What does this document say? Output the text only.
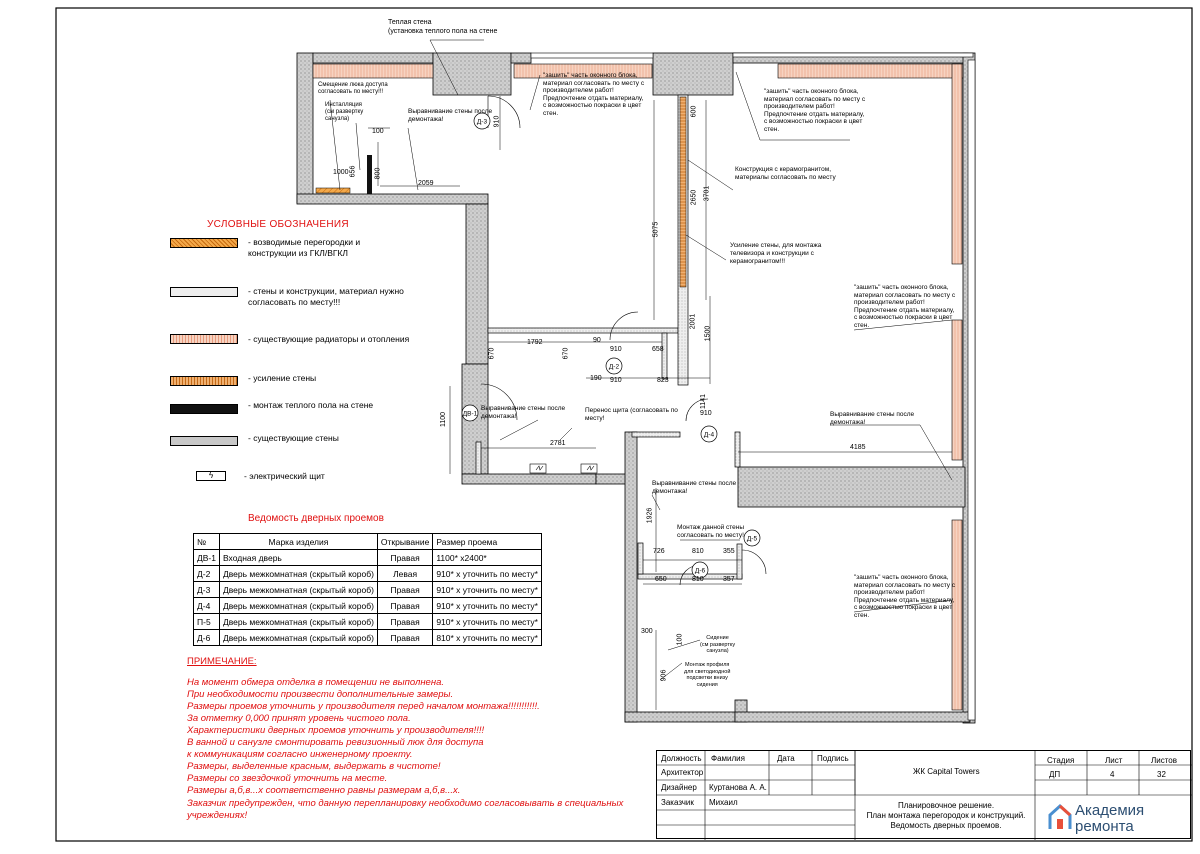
Д-3
Д-2
ДВ-1
Д-4
Д-5
Д-6
Теплая стена
(установка теплого пола на стене
Смещение люка доступа
согласовать по месту!!!
Инсталляция
(см развертку
санузла)
Выравнивание стены после
демонтажа!
"зашить" часть оконного блока,
материал согласовать по месту с
производителем работ!
Предпочтение отдать материалу,
с возможностью покраски в цвет
стен.
"зашить" часть оконного блока,
материал согласовать по месту с
производителем работ!
Предпочтение отдать материалу,
с возможностью покраски в цвет
стен.
Конструкция с керамогранитом,
материалы согласовать по месту
Усиление стены, для монтажа
телевизора и конструкции с
керамогранитом!!!
"зашить" часть оконного блока,
материал согласовать по месту с
производителем работ!
Предпочтение отдать материалу,
с возможностью покраски в цвет
стен.
Выравнивание стены после
демонтажа!
Перенос щита (согласовать по
месту!
Выравнивание стены после
демонтажа!
Выравнивание стены после
демонтажа!
Монтаж данной стены
согласовать по месту!
"зашить" часть оконного блока,
материал согласовать по месту с
производителем работ!
Предпочтение отдать материалу,
с возможностью покраски в цвет
стен.
Сидение
(см развертку
санузла)
Монтаж профиля
для светодиодной
подсветки внизу
сидения
910
100
2059
1000 656	800
600
3701
2650
5075
2001
1500
1792
670	670
90
910	658
190 910	823
1141
910
1100
2781
4185
1926
726	810	355
650	810	357
300
100
906
УСЛОВНЫЕ ОБОЗНАЧЕНИЯ
- возводимые перегородки и
конструкции из ГКЛ/ВГКЛ
- стены и конструкции, материал нужно
согласовать по месту!!!
- существующие радиаторы и отопления
- усиление стены
- монтаж теплого пола на стене
- существующие стены
ϟ	- электрический щит
Ведомость дверных проемов
№	Марка изделия	Открывание	Размер проема
ДВ-1	Входная дверь	Правая	1100* х2400*
Д-2	Дверь межкомнатная (скрытый короб)	Левая	910* х уточнить по месту*
Д-3	Дверь межкомнатная (скрытый короб)	Правая	910* х уточнить по месту*
Д-4	Дверь межкомнатная (скрытый короб)	Правая	910* х уточнить по месту*
П-5	Дверь межкомнатная (скрытый короб)	Правая	910* х уточнить по месту*
Д-6	Дверь межкомнатная (скрытый короб)	Правая	810* х уточнить по месту*
ПРИМЕЧАНИЕ:
На момент обмера отделка в помещении не выполнена.
При необходимости произвести дополнительные замеры.
Размеры проемов уточнить у производителя перед началом монтажа!!!!!!!!!!!.
За отметку 0,000 принят уровень чистого пола.
Характеристики дверных проемов уточнить у производителя!!!!
В ванной и санузле смонтировать ревизионный люк для доступа
к коммуникациям согласно инженерному проекту.
Размеры, выделенные красным, выдержать в чистоте!
Размеры со звездочкой уточнить на месте.
Размеры а,б,в...х соответственно равны размерам а,б,в...х.
Заказчик предупрежден, что данную перепланировку необходимо согласовывать в специальных учреждениях!
Должность Фамилия	Дата	Подпись
Архитектор
Дизайнер Куртанова А. А.
Заказчик Михаил
ЖК Capital Towers
Стадия	Лист	Листов
ДП	4	32
Планировочное решение.
План монтажа перегородок и конструкций.
Ведомость дверных проемов.
Академия
ремонта
